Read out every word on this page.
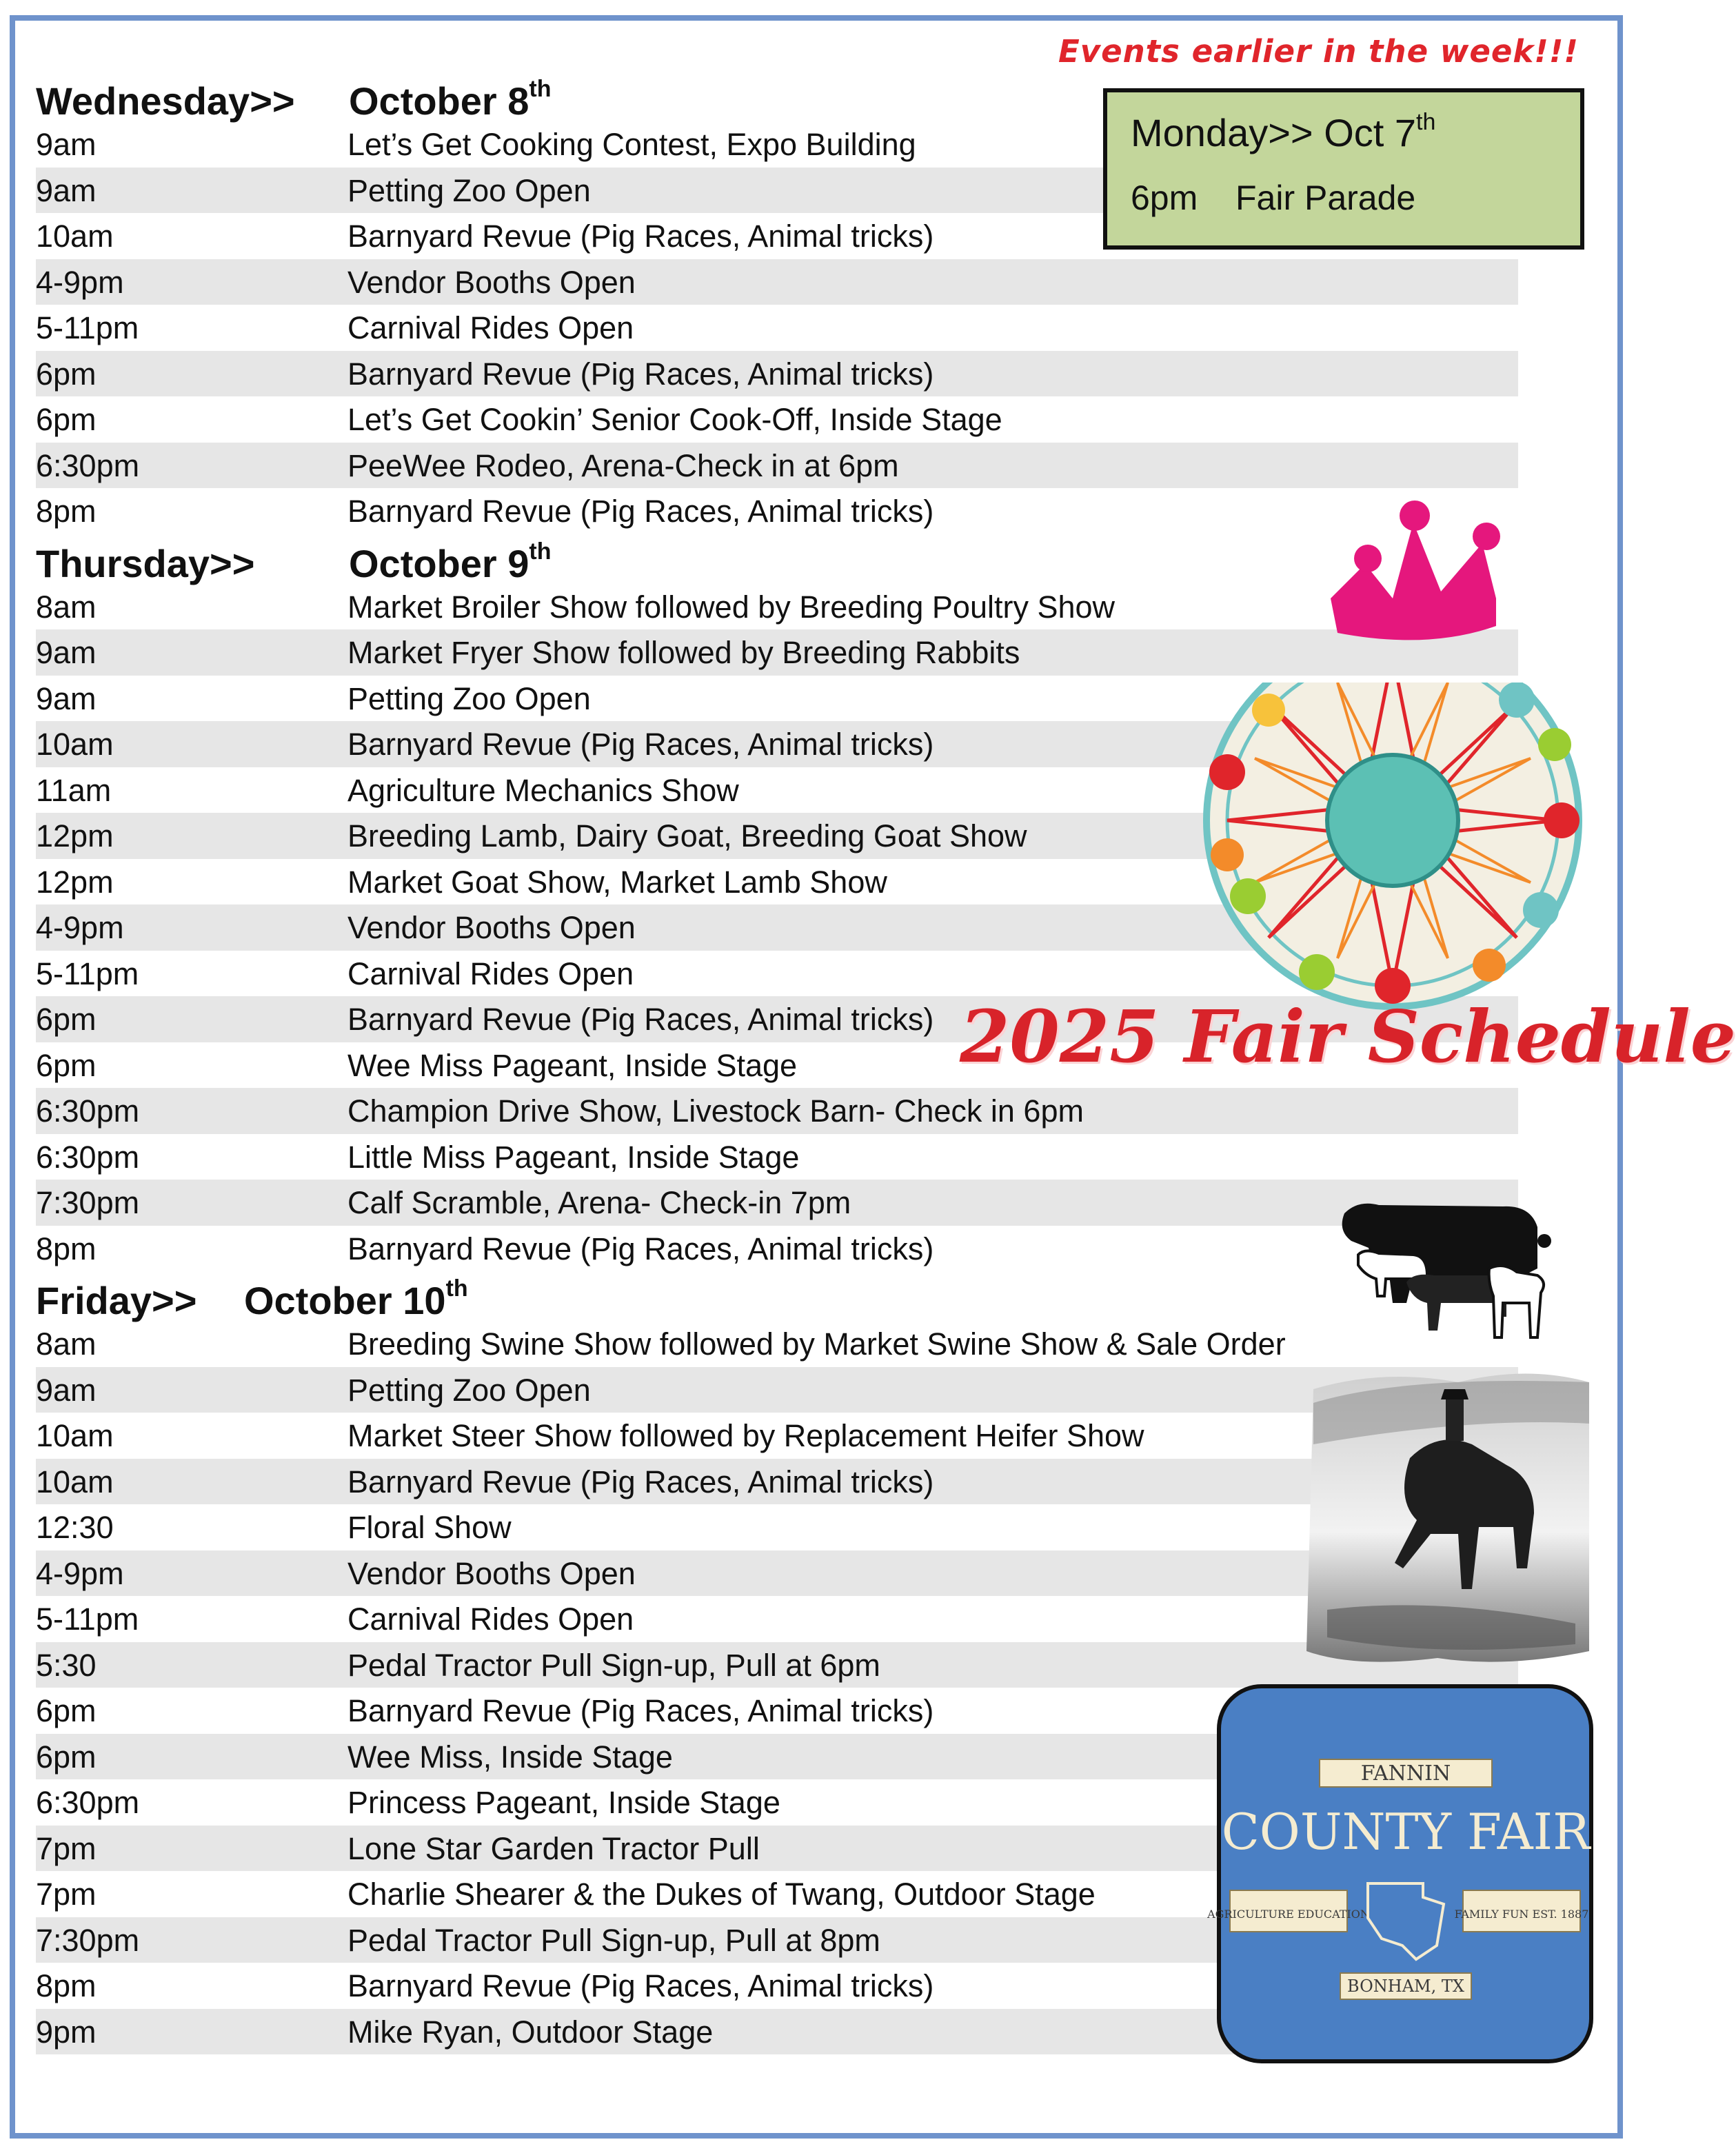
Wednesday>> October 8th
9am	Let’s Get Cooking Contest, Expo Building
9am	Petting Zoo Open
10am	Barnyard Revue (Pig Races, Animal tricks)
4-9pm	Vendor Booths Open
5-11pm	Carnival Rides Open
6pm	Barnyard Revue (Pig Races, Animal tricks)
6pm	Let’s Get Cookin’ Senior Cook-Off, Inside Stage
6:30pm	PeeWee Rodeo, Arena-Check in at 6pm
8pm	Barnyard Revue (Pig Races, Animal tricks)
Thursday>> October 9th
8am	Market Broiler Show followed by Breeding Poultry Show
9am	Market Fryer Show followed by Breeding Rabbits
9am	Petting Zoo Open
10am	Barnyard Revue (Pig Races, Animal tricks)
11am	Agriculture Mechanics Show
12pm	Breeding Lamb, Dairy Goat, Breeding Goat Show
12pm	Market Goat Show, Market Lamb Show
4-9pm	Vendor Booths Open
5-11pm	Carnival Rides Open
6pm	Barnyard Revue (Pig Races, Animal tricks)
6pm	Wee Miss Pageant, Inside Stage
6:30pm	Champion Drive Show, Livestock Barn- Check in 6pm
6:30pm	Little Miss Pageant, Inside Stage
7:30pm	Calf Scramble, Arena- Check-in 7pm
8pm	Barnyard Revue (Pig Races, Animal tricks)
Friday>> October 10th
8am	Breeding Swine Show followed by Market Swine Show & Sale Order
9am	Petting Zoo Open
10am	Market Steer Show followed by Replacement Heifer Show
10am	Barnyard Revue (Pig Races, Animal tricks)
12:30	Floral Show
4-9pm	Vendor Booths Open
5-11pm	Carnival Rides Open
5:30	Pedal Tractor Pull Sign-up, Pull at 6pm
6pm	Barnyard Revue (Pig Races, Animal tricks)
6pm	Wee Miss, Inside Stage
6:30pm	Princess Pageant, Inside Stage
7pm	Lone Star Garden Tractor Pull
7pm	Charlie Shearer & the Dukes of Twang, Outdoor Stage
7:30pm	Pedal Tractor Pull Sign-up, Pull at 8pm
8pm	Barnyard Revue (Pig Races, Animal tricks)
9pm	Mike Ryan, Outdoor Stage
Events earlier in the week!!!
Monday>> Oct 7th
6pm Fair Parade
2025 Fair Schedule
FANNIN
COUNTY FAIR
AGRICULTURE EDUCATION	FAMILY FUN EST. 1887
BONHAM, TX
